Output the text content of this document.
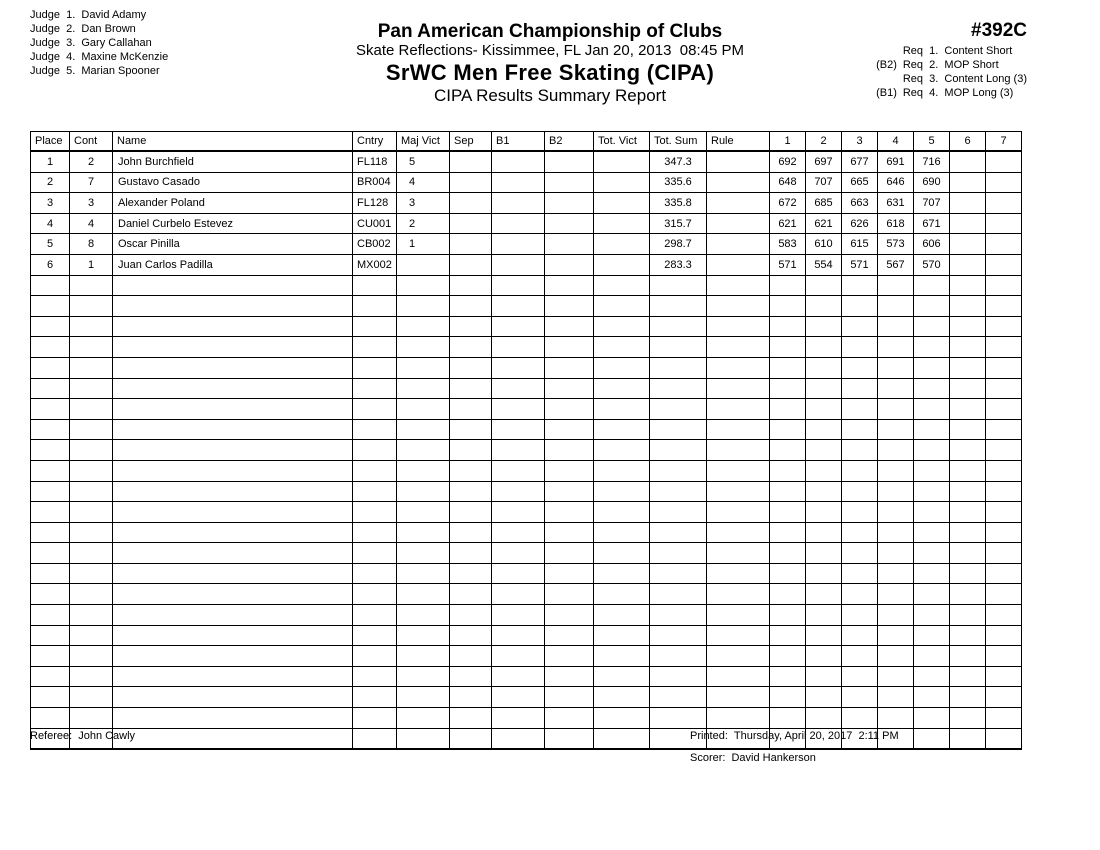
Judge  1.  David Adamy
Judge  2.  Dan Brown
Judge  3.  Gary Callahan
Judge  4.  Maxine McKenzie
Judge  5.  Marian Spooner
Pan American Championship of Clubs
Skate Reflections- Kissimmee, FL Jan 20, 2013  08:45 PM
SrWC Men Free Skating (CIPA)
CIPA Results Summary Report
#392C
Req  1.  Content Short
(B2) Req  2.  MOP Short
Req  3.  Content Long (3)
(B1) Req  4.  MOP Long (3)
Place	Cont	Name	Cntry	Maj Vict	Sep	B1	B2	Tot. Vict	Tot. Sum	Rule	1	2	3	4	5	6	7
1	2	John Burchfield	FL118	5					347.3		692	697	677	691	716		
2	7	Gustavo Casado	BR004	4					335.6		648	707	665	646	690		
3	3	Alexander Poland	FL128	3					335.8		672	685	663	631	707		
4	4	Daniel Curbelo Estevez	CU001	2					315.7		621	621	626	618	671		
5	8	Oscar Pinilla	CB002	1					298.7		583	610	615	573	606		
6	1	Juan Carlos Padilla	MX002						283.3		571	554	571	567	570		

Referee: John Cawly	Printed: Thursday, April 20, 2017  2:11 PM
Scorer: David Hankerson
